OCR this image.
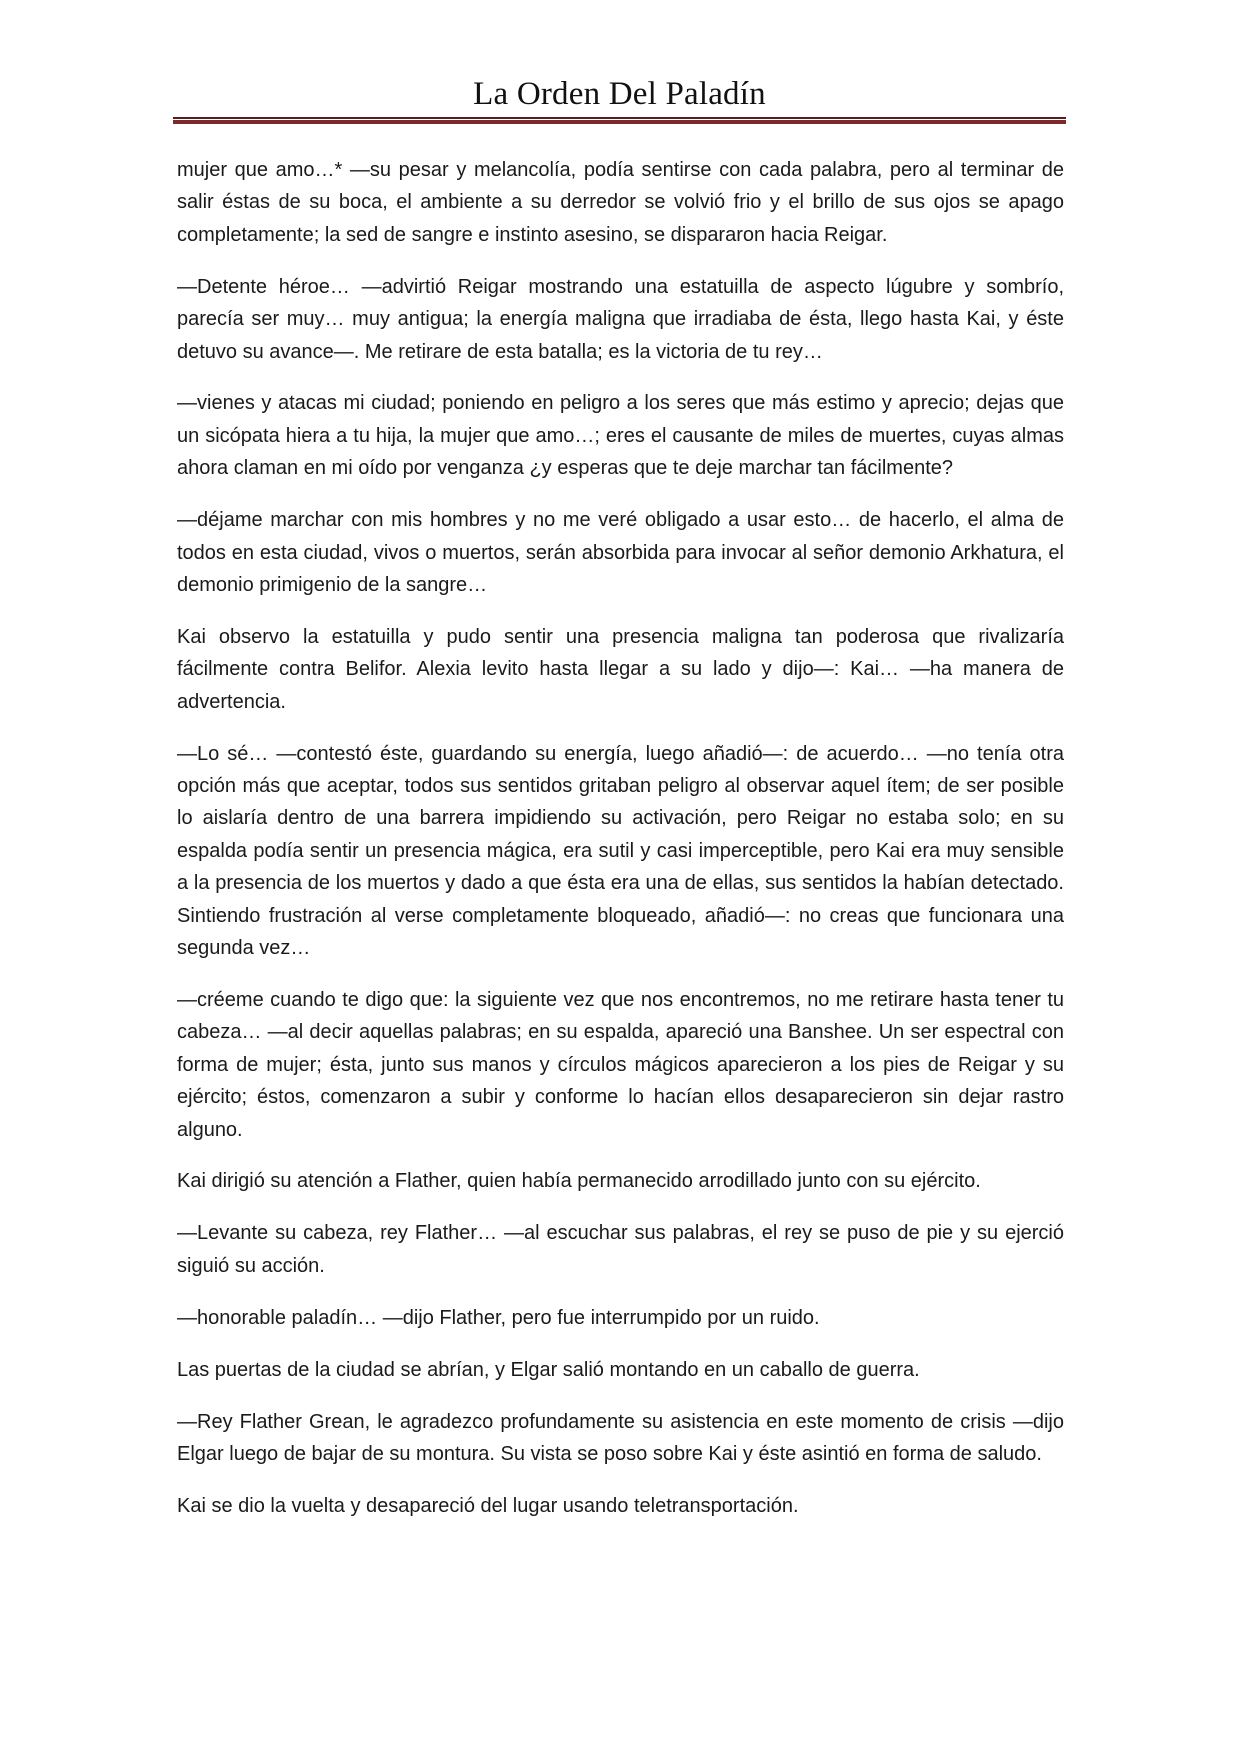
La Orden Del Paladín

mujer que amo…* —su pesar y melancolía, podía sentirse con cada palabra, pero al terminar de salir éstas de su boca, el ambiente a su derredor se volvió frio y el brillo de sus ojos se apago completamente; la sed de sangre e instinto asesino, se dispararon hacia Reigar.

—Detente héroe… —advirtió Reigar mostrando una estatuilla de aspecto lúgubre y sombrío, parecía ser muy… muy antigua; la energía maligna que irradiaba de ésta, llego hasta Kai, y éste detuvo su avance—. Me retirare de esta batalla; es la victoria de tu rey…

—vienes y atacas mi ciudad; poniendo en peligro a los seres que más estimo y aprecio; dejas que un sicópata hiera a tu hija, la mujer que amo…; eres el causante de miles de muertes, cuyas almas ahora claman en mi oído por venganza ¿y esperas que te deje marchar tan fácilmente?

—déjame marchar con mis hombres y no me veré obligado a usar esto… de hacerlo, el alma de todos en esta ciudad, vivos o muertos, serán absorbida para invocar al señor demonio Arkhatura, el demonio primigenio de la sangre…

Kai observo la estatuilla y pudo sentir una presencia maligna tan poderosa que rivalizaría fácilmente contra Belifor. Alexia levito hasta llegar a su lado y dijo—: Kai… —ha manera de advertencia.

—Lo sé… —contestó éste, guardando su energía, luego añadió—: de acuerdo… —no tenía otra opción más que aceptar, todos sus sentidos gritaban peligro al observar aquel ítem; de ser posible lo aislaría dentro de una barrera impidiendo su activación, pero Reigar no estaba solo; en su espalda podía sentir un presencia mágica, era sutil y casi imperceptible, pero Kai era muy sensible a la presencia de los muertos y dado a que ésta era una de ellas, sus sentidos la habían detectado. Sintiendo frustración al verse completamente bloqueado, añadió—: no creas que funcionara una segunda vez…

—créeme cuando te digo que: la siguiente vez que nos encontremos, no me retirare hasta tener tu cabeza… —al decir aquellas palabras; en su espalda, apareció una Banshee. Un ser espectral con forma de mujer; ésta, junto sus manos y círculos mágicos aparecieron a los pies de Reigar y su ejército; éstos, comenzaron a subir y conforme lo hacían ellos desaparecieron sin dejar rastro alguno.

Kai dirigió su atención a Flather, quien había permanecido arrodillado junto con su ejército.

—Levante su cabeza, rey Flather… —al escuchar sus palabras, el rey se puso de pie y su ejerció siguió su acción.

—honorable paladín… —dijo Flather, pero fue interrumpido por un ruido.

Las puertas de la ciudad se abrían, y Elgar salió montando en un caballo de guerra.

—Rey Flather Grean, le agradezco profundamente su asistencia en este momento de crisis —dijo Elgar luego de bajar de su montura. Su vista se poso sobre Kai y éste asintió en forma de saludo.

Kai se dio la vuelta y desapareció del lugar usando teletransportación.
